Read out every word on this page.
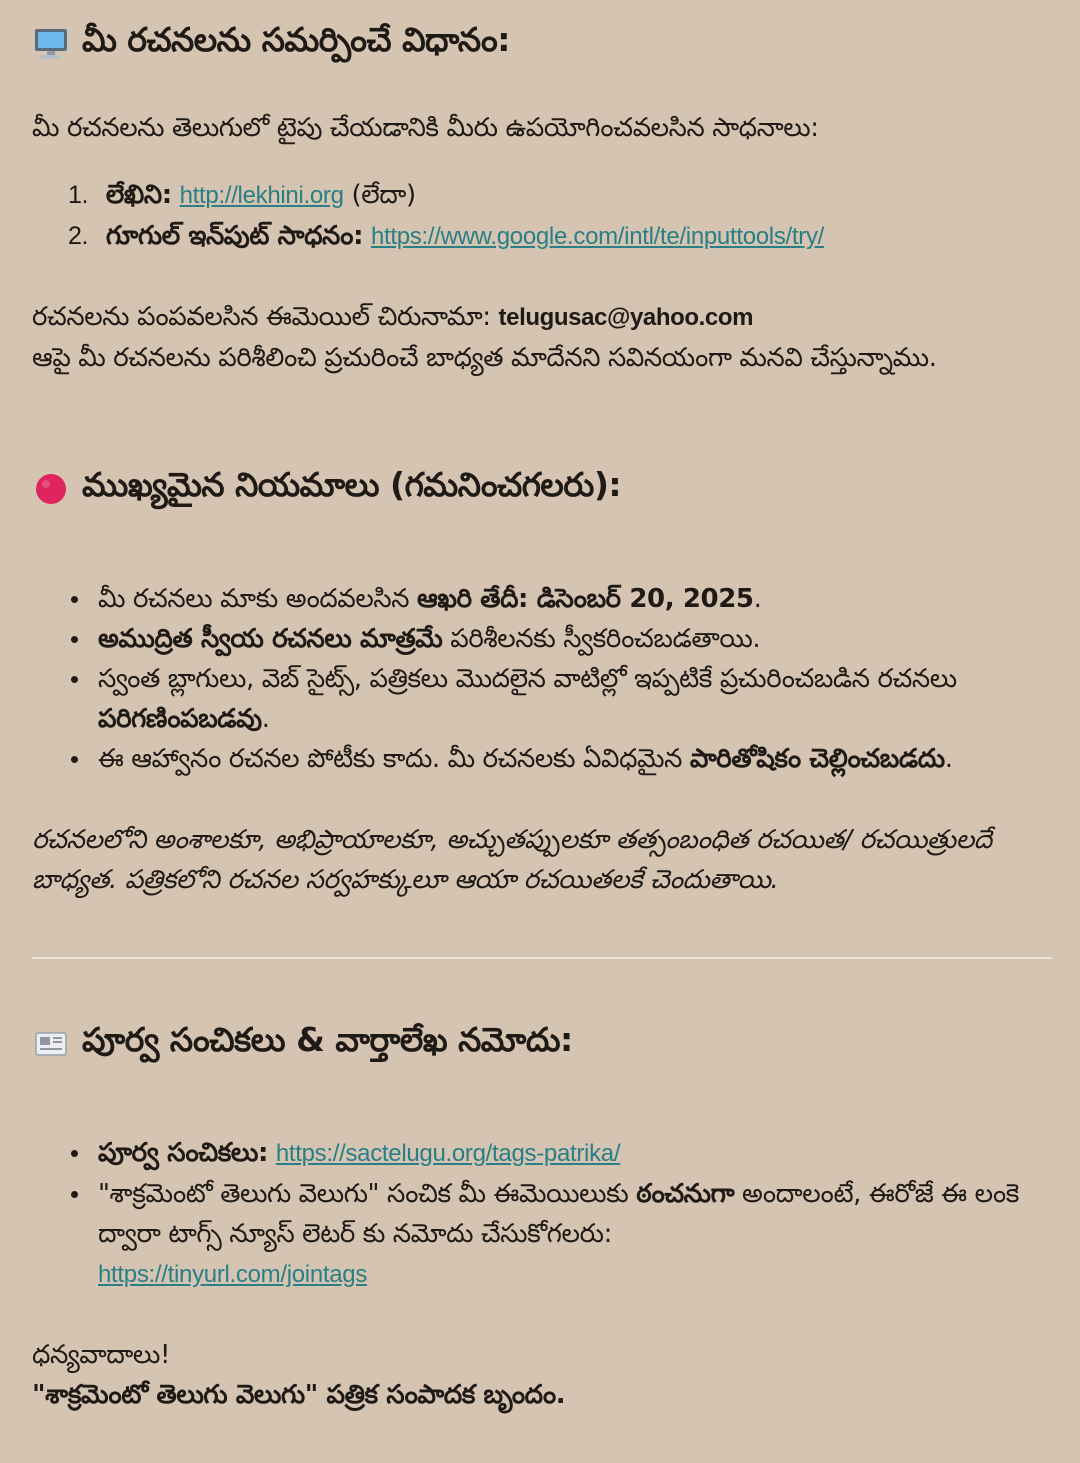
మీ రచనలను సమర్పించే విధానం:
మీ రచనలను తెలుగులో టైపు చేయడానికి మీరు ఉపయోగించవలసిన సాధనాలు:
1. లేఖిని: http://lekhini.org (లేదా)
2. గూగుల్ ఇన్‌పుట్ సాధనం: https://www.google.com/intl/te/inputtools/try/
రచనలను పంపవలసిన ఈమెయిల్ చిరునామా: telugusac@yahoo.com
ఆపై మీ రచనలను పరిశీలించి ప్రచురించే బాధ్యత మాదేనని సవినయంగా మనవి చేస్తున్నాము.
ముఖ్యమైన నియమాలు (గమనించగలరు):
మీ రచనలు మాకు అందవలసిన ఆఖరి తేదీ: డిసెంబర్ 20, 2025.
అముద్రిత స్వీయ రచనలు మాత్రమే పరిశీలనకు స్వీకరించబడతాయి.
స్వంత బ్లాగులు, వెబ్ సైట్స్, పత్రికలు మొదలైన వాటిల్లో ఇప్పటికే ప్రచురించబడిన రచనలు పరిగణింపబడవు.
ఈ ఆహ్వానం రచనల పోటీకు కాదు. మీ రచనలకు ఏవిధమైన పారితోషికం చెల్లించబడదు.
రచనలలోని అంశాలకూ, అభిప్రాయాలకూ, అచ్చుతప్పులకూ తత్సంబంధిత రచయిత/ రచయిత్రులదే బాధ్యత. పత్రికలోని రచనల సర్వహక్కులూ ఆయా రచయితలకే చెందుతాయి.
పూర్వ సంచికలు & వార్తాలేఖ నమోదు:
పూర్వ సంచికలు: https://sactelugu.org/tags-patrika/
"శాక్రమెంటో తెలుగు వెలుగు" సంచిక మీ ఈమెయిలుకు ఠంచనుగా అందాలంటే, ఈరోజే ఈ లంకె ద్వారా టాగ్స్ న్యూస్ లెటర్ కు నమోదు చేసుకోగలరు:
https://tinyurl.com/jointags
ధన్యవాదాలు!
"శాక్రమెంటో తెలుగు వెలుగు" పత్రిక సంపాదక బృందం.
